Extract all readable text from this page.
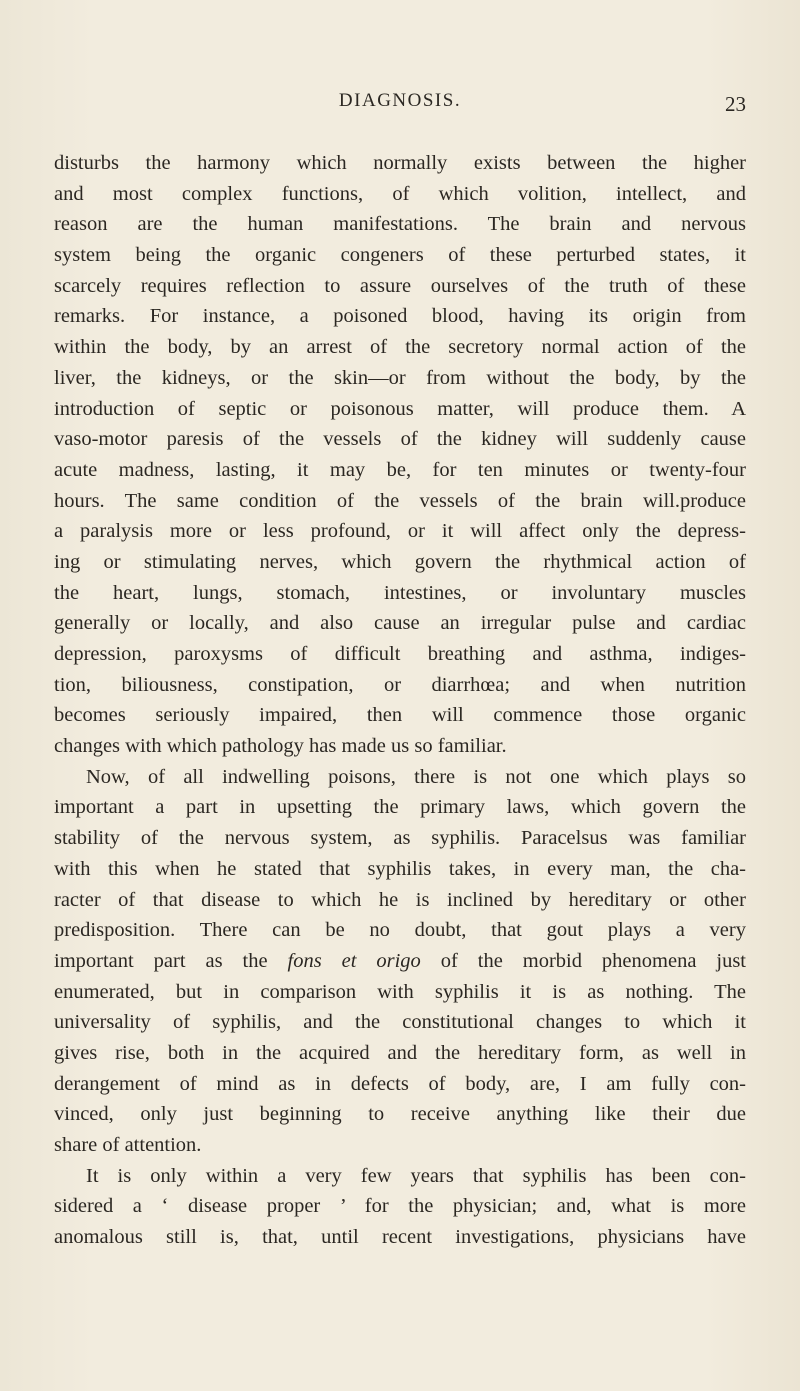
DIAGNOSIS.	23
disturbs the harmony which normally exists between the higher
and most complex functions, of which volition, intellect, and
reason are the human manifestations. The brain and nervous
system being the organic congeners of these perturbed states, it
scarcely requires reflection to assure ourselves of the truth of these
remarks. For instance, a poisoned blood, having its origin from
within the body, by an arrest of the secretory normal action of the
liver, the kidneys, or the skin—or from without the body, by the
introduction of septic or poisonous matter, will produce them. A
vaso-motor paresis of the vessels of the kidney will suddenly cause
acute madness, lasting, it may be, for ten minutes or twenty-four
hours. The same condition of the vessels of the brain will.produce
a paralysis more or less profound, or it will affect only the depress-
ing or stimulating nerves, which govern the rhythmical action of
the heart, lungs, stomach, intestines, or involuntary muscles
generally or locally, and also cause an irregular pulse and cardiac
depression, paroxysms of difficult breathing and asthma, indiges-
tion, biliousness, constipation, or diarrhœa; and when nutrition
becomes seriously impaired, then will commence those organic
changes with which pathology has made us so familiar.
Now, of all indwelling poisons, there is not one which plays so
important a part in upsetting the primary laws, which govern the
stability of the nervous system, as syphilis. Paracelsus was familiar
with this when he stated that syphilis takes, in every man, the cha-
racter of that disease to which he is inclined by hereditary or other
predisposition. There can be no doubt, that gout plays a very
important part as the fons et origo of the morbid phenomena just
enumerated, but in comparison with syphilis it is as nothing. The
universality of syphilis, and the constitutional changes to which it
gives rise, both in the acquired and the hereditary form, as well in
derangement of mind as in defects of body, are, I am fully con-
vinced, only just beginning to receive anything like their due
share of attention.
It is only within a very few years that syphilis has been con-
sidered a ‘ disease proper ’ for the physician; and, what is more
anomalous still is, that, until recent investigations, physicians have
